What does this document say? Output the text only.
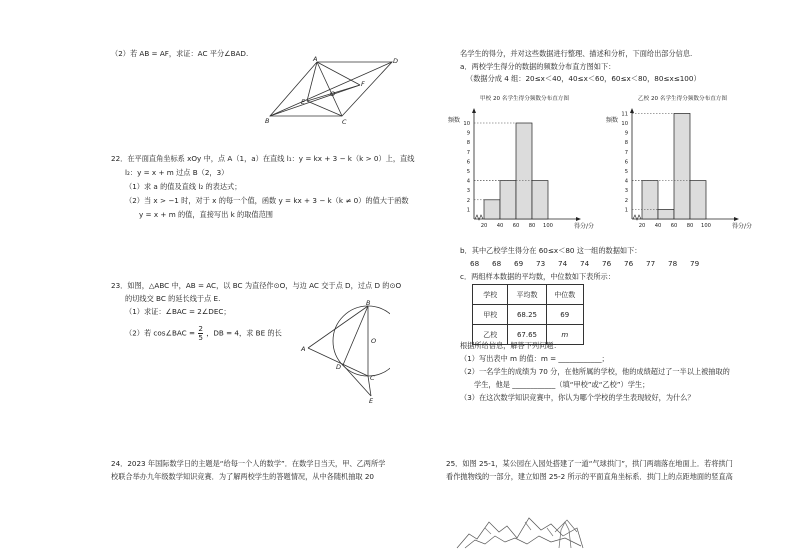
（2）若 AB = AF，求证：AC 平分∠BAD.
A	D
F
O
E
B	C
22．在平面直角坐标系 xOy 中，点 A（1，a）在直线 l₁：y = kx + 3 − k（k > 0）上，直线
l₂：y = x + m 过点 B（2，3）
（1）求 a 的值及直线 l₂ 的表达式；
（2）当 x > −1 时，对于 x 的每一个值，函数 y = kx + 3 − k（k ≠ 0）的值大于函数
y = x + m 的值，直接写出 k 的取值范围
23．如图，△ABC 中，AB = AC，以 BC 为直径作⊙O，与边 AC 交于点 D，过点 D 的⊙O
的切线交 BC 的延长线于点 E.
（1）求证：∠BAC = 2∠DEC；
（2）若 cos∠BAC = $\frac{2}{5}$ ，DB = 4，求 BE 的长
B
A
O
D
C
E
24．2023 年国际数学日的主题是“给每一个人的数学”．在数学日当天，甲、乙两所学
校联合举办九年级数学知识竞赛．为了解两校学生的答题情况，从中各随机抽取 20
名学生的得分，并对这些数据进行整理、描述和分析，下面给出部分信息.
a．两校学生得分的数据的频数分布直方图如下：
（数据分成 4 组：20≤x＜40，40≤x＜60，60≤x＜80，80≤x≤100）
甲校 20 名学生得分频数分布直方图
频数
1
2
3
4
5
6
7
8
9
10
20 40 60 80 100	得分/分
乙校 20 名学生得分频数分布直方图
频数
1
2
3
4
5
6
7
8
9
10
11
20 40 60 80 100	得分/分
b．其中乙校学生得分在 60≤x＜80 这一组的数据如下：
68 68 69 73 74 74 76 76 77 78 79
c．两组样本数据的平均数，中位数如下表所示：
学校	平均数	中位数
甲校	68.25	69
乙校	67.65	m
根据所给信息，解答下列问题：
（1）写出表中 m 的值：m = ____________；
（2）一名学生的成绩为 70 分，在他所属的学校，他的成绩超过了一半以上被抽取的
学生，他是 ____________（填“甲校”或“乙校”）学生；
（3）在这次数学知识竞赛中，你认为哪个学校的学生表现较好，为什么？
25．如图 25-1，某公园在入园处搭建了一道“气球拱门”，拱门两端落在地面上．若将拱门
看作抛物线的一部分，建立如图 25-2 所示的平面直角坐标系．拱门上的点距地面的竖直高
